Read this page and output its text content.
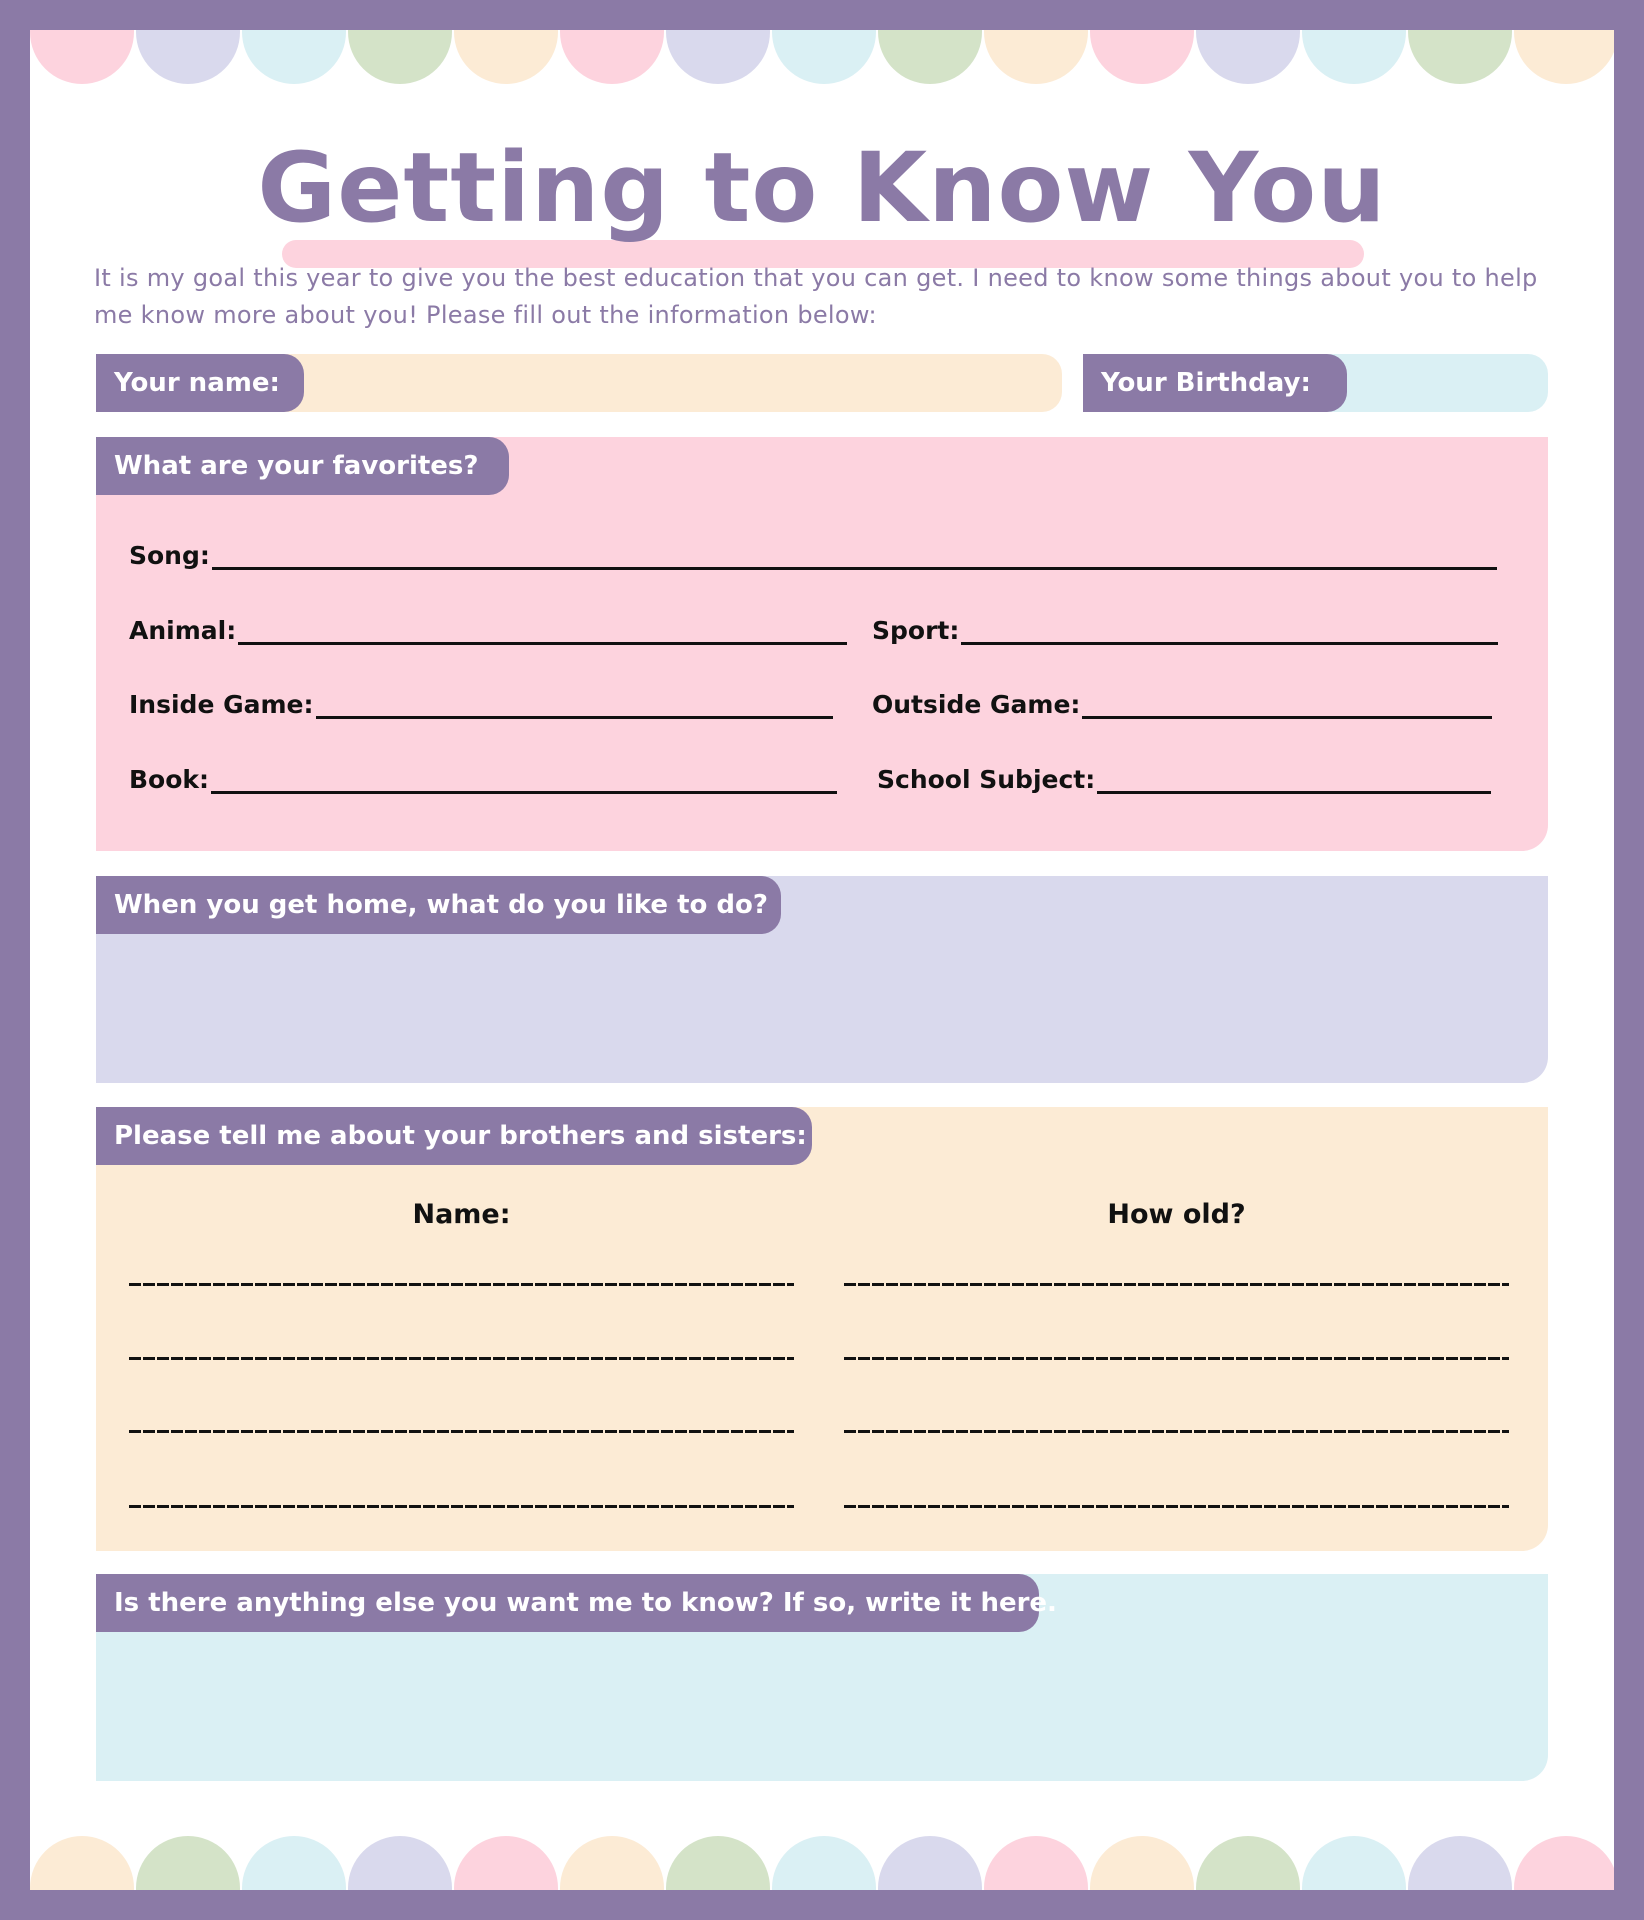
Getting to Know You
It is my goal this year to give you the best education that you can get. I need to know some things about you to help me know more about you! Please fill out the information below:
Your name:	Your Birthday:
What are your favorites?
Song:
Animal:	Sport:
Inside Game:	Outside Game:
Book:	School Subject:
When you get home, what do you like to do?
Please tell me about your brothers and sisters:
Name:	How old?
Is there anything else you want me to know? If so, write it here.
